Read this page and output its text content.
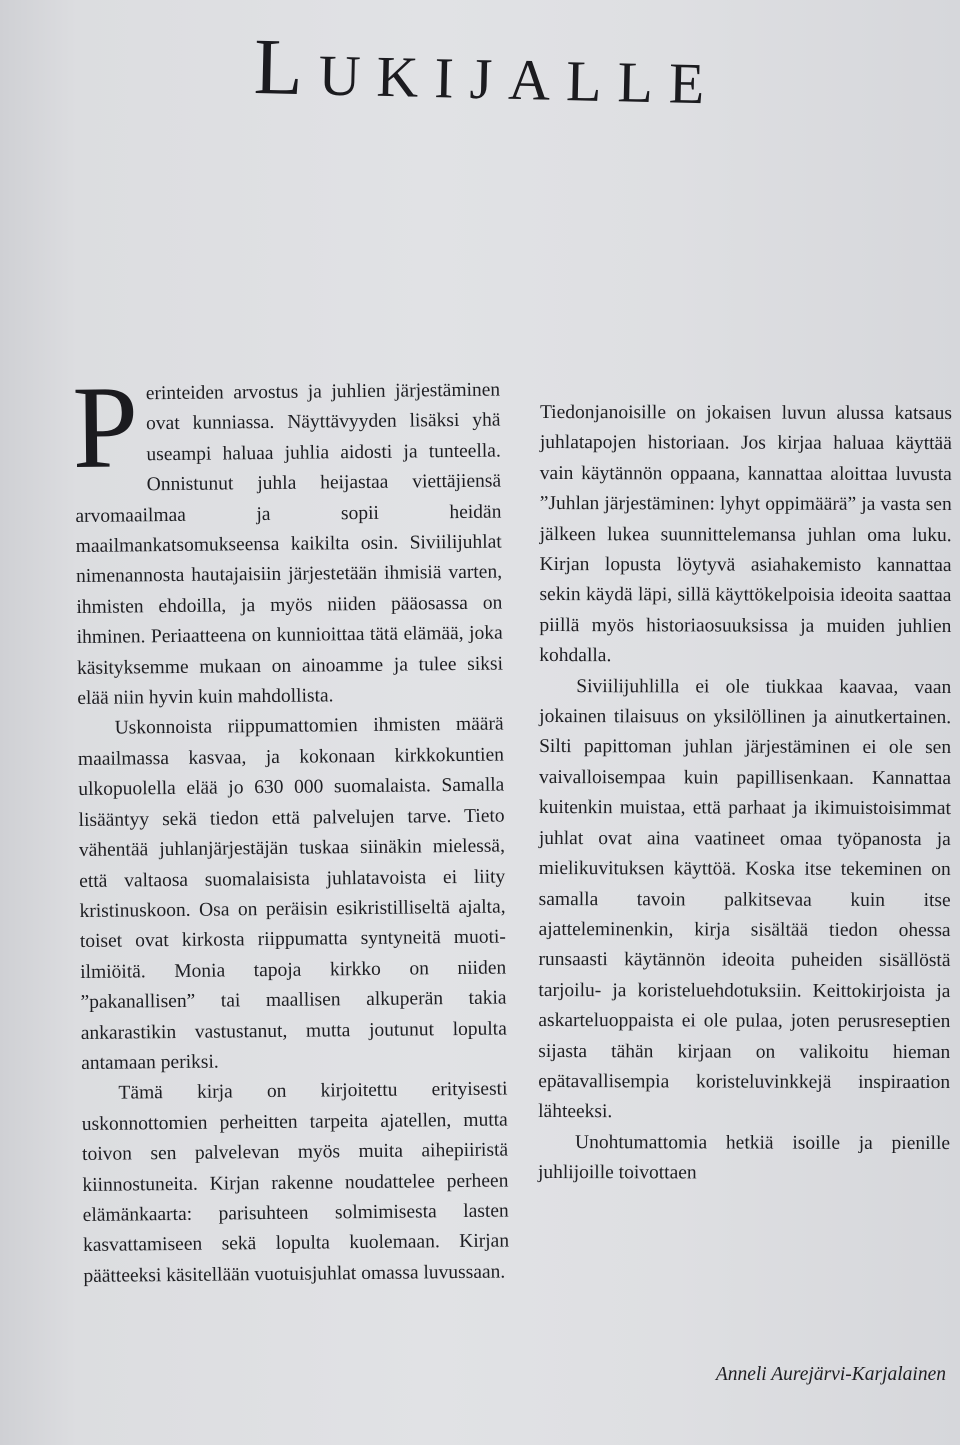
LUKIJALLE

Perinteiden arvostus ja juhlien järjestäminen ovat kunniassa. Näyttävyyden lisäksi yhä useampi haluaa juhlia aidosti ja tunteella. Onnistunut juhla heijastaa viettäjiensä arvomaailmaa ja sopii heidän maailmankatsomukseensa kaikilta osin. Siviilijuhlat nimenannosta hautajaisiin järjestetään ihmisiä varten, ihmisten ehdoilla, ja myös niiden pääosassa on ihminen. Periaatteena on kunnioittaa tätä elämää, joka käsityksemme mukaan on ainoamme ja tulee siksi elää niin hyvin kuin mahdollista.

Uskonnoista riippumattomien ihmisten määrä maailmassa kasvaa, ja kokonaan kirkkokuntien ulkopuolella elää jo 630 000 suomalaista. Samalla lisääntyy sekä tiedon että palvelujen tarve. Tieto vähentää juhlanjärjestäjän tuskaa siinäkin mielessä, että valtaosa suomalaisista juhlatavoista ei liity kristinuskoon. Osa on peräisin esikristilliseltä ajalta, toiset ovat kirkosta riippumatta syntyneitä muoti-ilmiöitä. Monia tapoja kirkko on niiden ”pakanallisen” tai maallisen alkuperän takia ankarastikin vastustanut, mutta joutunut lopulta antamaan periksi.

Tämä kirja on kirjoitettu erityisesti uskonnottomien perheitten tarpeita ajatellen, mutta toivon sen palvelevan myös muita aihepiiristä kiinnostuneita. Kirjan rakenne noudattelee perheen elämänkaarta: parisuhteen solmimisesta lasten kasvattamiseen sekä lopulta kuolemaan. Kirjan päätteeksi käsitellään vuotuisjuhlat omassa luvussaan.

Tiedonjanoisille on jokaisen luvun alussa katsaus juhlatapojen historiaan. Jos kirjaa haluaa käyttää vain käytännön oppaana, kannattaa aloittaa luvusta ”Juhlan järjestäminen: lyhyt oppimäärä” ja vasta sen jälkeen lukea suunnittelemansa juhlan oma luku. Kirjan lopusta löytyvä asiahakemisto kannattaa sekin käydä läpi, sillä käyttökelpoisia ideoita saattaa piillä myös historiaosuuksissa ja muiden juhlien kohdalla.

Siviilijuhlilla ei ole tiukkaa kaavaa, vaan jokainen tilaisuus on yksilöllinen ja ainutkertainen. Silti papittoman juhlan järjestäminen ei ole sen vaivalloisempaa kuin papillisenkaan. Kannattaa kuitenkin muistaa, että parhaat ja ikimuistoisimmat juhlat ovat aina vaatineet omaa työpanosta ja mielikuvituksen käyttöä. Koska itse tekeminen on samalla tavoin palkitsevaa kuin itse ajatteleminenkin, kirja sisältää tiedon ohessa runsaasti käytännön ideoita puheiden sisällöstä tarjoilu- ja koristeluehdotuksiin. Keittokirjoista ja askarteluoppaista ei ole pulaa, joten perusreseptien sijasta tähän kirjaan on valikoitu hieman epätavallisempia koristeluvinkkejä inspiraation lähteeksi.

Unohtumattomia hetkiä isoille ja pienille juhlijoille toivottaen

Anneli Aurejärvi-Karjalainen
